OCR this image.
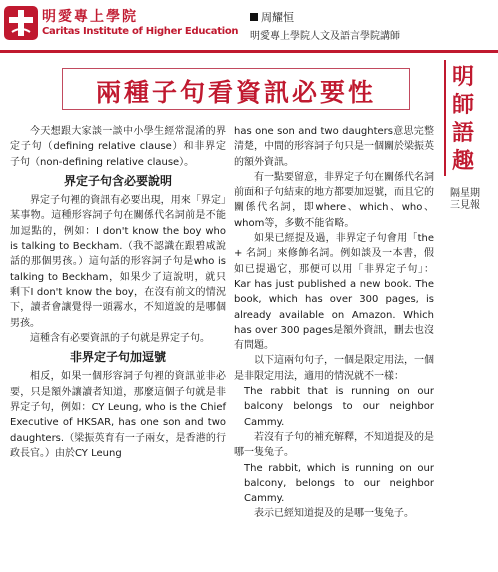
明愛專上學院
Caritas Institute of Higher Education
周耀恒
明愛專上學院人文及語言學院講師
兩種子句看資訊必要性
明
師
語
趣
隔星期三見報

今天想跟大家談一談中小學生經常混淆的界定子句（defining relative clause）和非界定子句（non-defining relative clause）。

界定子句含必要說明

界定子句裡的資訊有必要出現，用來「界定」某事物。這種形容詞子句在關係代名詞前是不能加逗點的，例如：I don't know the boy who is talking to Beckham.（我不認識在跟碧咸說話的那個男孩。）這句話的形容詞子句是who is talking to Beckham，如果少了這說明，就只剩下I don't know the boy，在沒有前文的情況下，讀者會讓覺得一頭霧水，不知道說的是哪個男孩。

這種含有必要資訊的子句就是界定子句。

非界定子句加逗號

相反，如果一個形容詞子句裡的資訊並非必要，只是額外讓讀者知道，那麼這個子句就是非界定子句，例如：CY Leung, who is the Chief Executive of HKSAR, has one son and two daughters.（梁振英育有一子兩女，是香港的行政長官。）由於CY Leung

has one son and two daughters意思完整清楚，中間的形容詞子句只是一個關於梁振英的額外資訊。

有一點要留意，非界定子句在關係代名詞前面和子句結束的地方都要加逗號，而且它的關係代名詞，即where、which、who、whom等，多數不能省略。

如果已經提及過，非界定子句會用「the + 名詞」來修飾名詞。例如談及一本書，假如已提過它，那便可以用「非界定子句」：Kar has just published a new book. The book, which has over 300 pages, is already available on Amazon. Which has over 300 pages是額外資訊，刪去也沒有問題。

以下這兩句句子，一個是限定用法，一個是非限定用法，適用的情況就不一樣：

The rabbit that is running on our balcony belongs to our neighbor Cammy.

若沒有子句的補充解釋，不知道提及的是哪一隻兔子。

The rabbit, which is running on our balcony, belongs to our neighbor Cammy.

表示已經知道提及的是哪一隻兔子。
